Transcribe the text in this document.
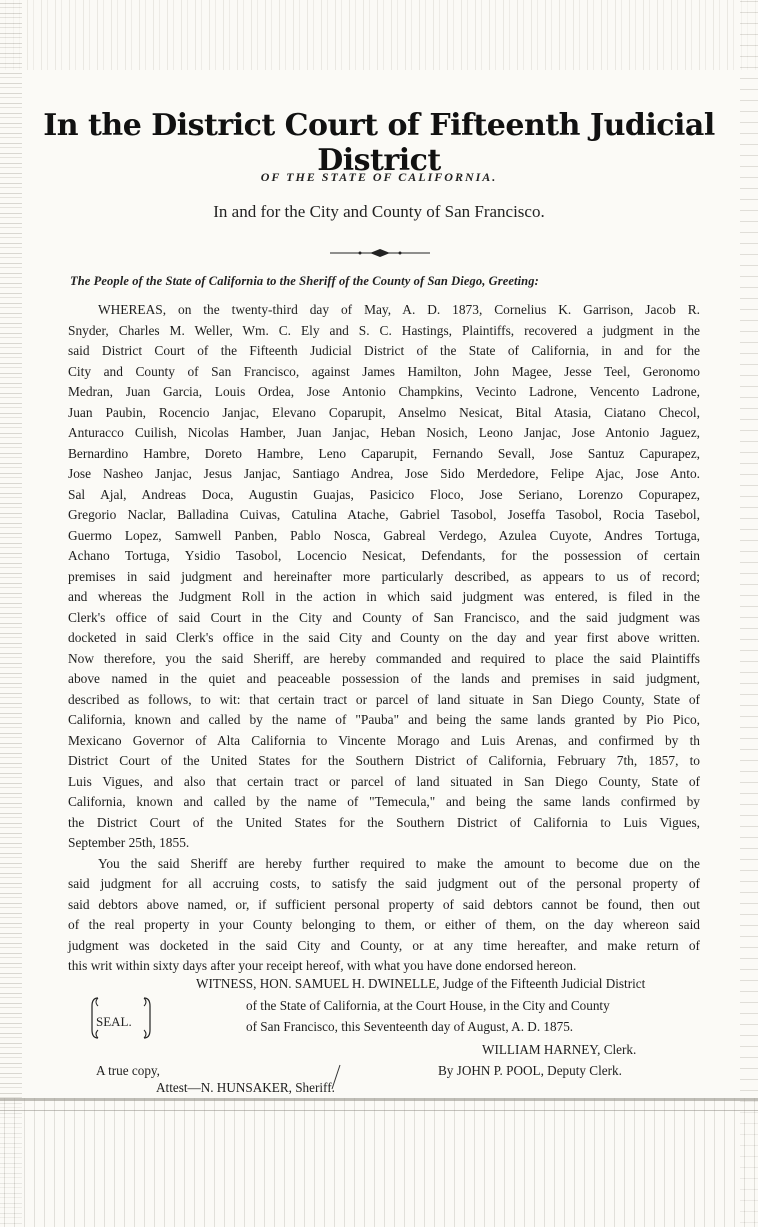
In the District Court of Fifteenth Judicial District
OF THE STATE OF CALIFORNIA.
In and for the City and County of San Francisco.
The People of the State of California to the Sheriff of the County of San Diego, Greeting:
WHEREAS, on the twenty-third day of May, A. D. 1873, Cornelius K. Garrison, Jacob R.
Snyder, Charles M. Weller, Wm. C. Ely and S. C. Hastings, Plaintiffs, recovered a judgment in the
said District Court of the Fifteenth Judicial District of the State of California, in and for the
City and County of San Francisco, against James Hamilton, John Magee, Jesse Teel, Geronomo
Medran, Juan Garcia, Louis Ordea, Jose Antonio Champkins, Vecinto Ladrone, Vencento Ladrone,
Juan Paubin, Rocencio Janjac, Elevano Coparupit, Anselmo Nesicat, Bital Atasia, Ciatano Checol,
Anturacco Cuilish, Nicolas Hamber, Juan Janjac, Heban Nosich, Leono Janjac, Jose Antonio Jaguez,
Bernardino Hambre, Doreto Hambre, Leno Caparupit, Fernando Sevall, Jose Santuz Capurapez,
Jose Nasheo Janjac, Jesus Janjac, Santiago Andrea, Jose Sido Merdedore, Felipe Ajac, Jose Anto.
Sal Ajal, Andreas Doca, Augustin Guajas, Pasicico Floco, Jose Seriano, Lorenzo Copurapez,
Gregorio Naclar, Balladina Cuivas, Catulina Atache, Gabriel Tasobol, Joseffa Tasobol, Rocia Tasebol,
Guermo Lopez, Samwell Panben, Pablo Nosca, Gabreal Verdego, Azulea Cuyote, Andres Tortuga,
Achano Tortuga, Ysidio Tasobol, Locencio Nesicat, Defendants, for the possession of certain
premises in said judgment and hereinafter more particularly described, as appears to us of record;
and whereas the Judgment Roll in the action in which said judgment was entered, is filed in the
Clerk's office of said Court in the City and County of San Francisco, and the said judgment was
docketed in said Clerk's office in the said City and County on the day and year first above written.
Now therefore, you the said Sheriff, are hereby commanded and required to place the said Plaintiffs
above named in the quiet and peaceable possession of the lands and premises in said judgment,
described as follows, to wit: that certain tract or parcel of land situate in San Diego County, State of
California, known and called by the name of "Pauba" and being the same lands granted by Pio Pico,
Mexicano Governor of Alta California to Vincente Morago and Luis Arenas, and confirmed by th
District Court of the United States for the Southern District of California, February 7th, 1857, to
Luis Vigues, and also that certain tract or parcel of land situated in San Diego County, State of
California, known and called by the name of "Temecula," and being the same lands confirmed by
the District Court of the United States for the Southern District of California to Luis Vigues,
September 25th, 1855.
You the said Sheriff are hereby further required to make the amount to become due on the
said judgment for all accruing costs, to satisfy the said judgment out of the personal property of
said debtors above named, or, if sufficient personal property of said debtors cannot be found, then out
of the real property in your County belonging to them, or either of them, on the day whereon said
judgment was docketed in the said City and County, or at any time hereafter, and make return of
this writ within sixty days after your receipt hereof, with what you have done endorsed hereon.
SEAL.
WITNESS, HON. SAMUEL H. DWINELLE, Judge of the Fifteenth Judicial District
of the State of California, at the Court House, in the City and County
of San Francisco, this Seventeenth day of August, A. D. 1875.
WILLIAM HARNEY, Clerk.
A true copy,	By JOHN P. POOL, Deputy Clerk.
Attest—N. HUNSAKER, Sheriff.
